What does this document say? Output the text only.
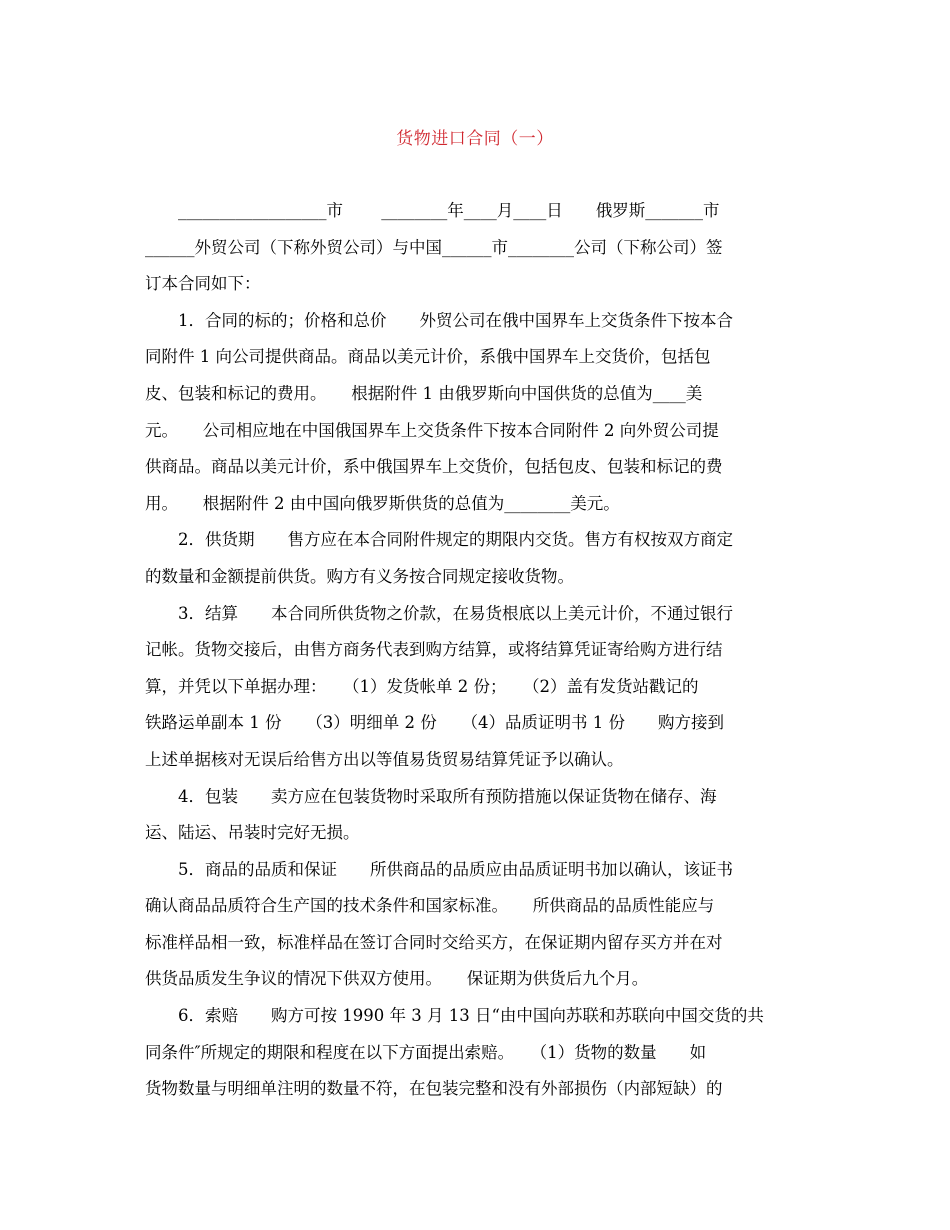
货物进口合同（一）

__________________市　　 ________年____月____日　　俄罗斯_______市
______外贸公司（下称外贸公司）与中国______市________公司（下称公司）签
订本合同如下：

1．合同的标的；价格和总价　　外贸公司在俄中国界车上交货条件下按本合
同附件 1 向公司提供商品。商品以美元计价，系俄中国界车上交货价，包括包
皮、包装和标记的费用。　　根据附件 1 由俄罗斯向中国供货的总值为____美
元。　　公司相应地在中国俄国界车上交货条件下按本合同附件 2 向外贸公司提
供商品。商品以美元计价，系中俄国界车上交货价，包括包皮、包装和标记的费
用。　　根据附件 2 由中国向俄罗斯供货的总值为________美元。

2．供货期　　售方应在本合同附件规定的期限内交货。售方有权按双方商定
的数量和金额提前供货。购方有义务按合同规定接收货物。

3．结算　　本合同所供货物之价款，在易货根底以上美元计价，不通过银行
记帐。货物交接后，由售方商务代表到购方结算，或将结算凭证寄给购方进行结
算，并凭以下单据办理：　　（1）发货帐单 2 份；　　（2）盖有发货站戳记的
铁路运单副本 1 份　　（3）明细单 2 份　　（4）品质证明书 1 份　　购方接到
上述单据核对无误后给售方出以等值易货贸易结算凭证予以确认。

4．包装　　卖方应在包装货物时采取所有预防措施以保证货物在储存、海
运、陆运、吊装时完好无损。

5．商品的品质和保证　　所供商品的品质应由品质证明书加以确认，该证书
确认商品品质符合生产国的技术条件和国家标准。　　所供商品的品质性能应与
标准样品相一致，标准样品在签订合同时交给买方，在保证期内留存买方并在对
供货品质发生争议的情况下供双方使用。　　保证期为供货后九个月。

6．索赔　　购方可按 1990 年 3 月 13 日“由中国向苏联和苏联向中国交货的共
同条件″所规定的期限和程度在以下方面提出索赔。　　（1）货物的数量　　如
货物数量与明细单注明的数量不符，在包装完整和没有外部损伤（内部短缺）的
